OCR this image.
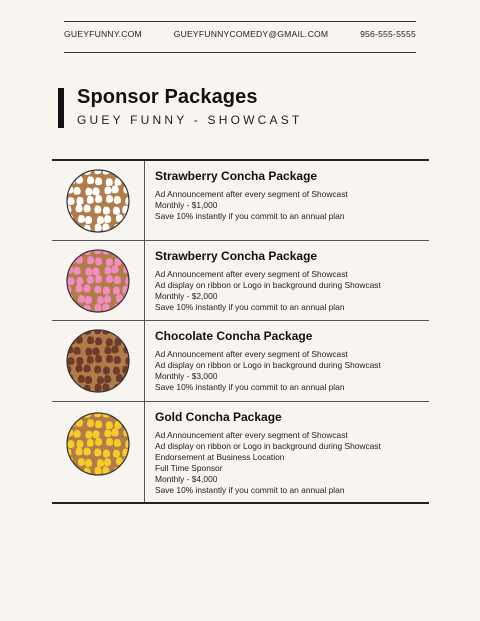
GUEYFUNNY.COM	GUEYFUNNYCOMEDY@GMAIL.COM	956-555-5555
Sponsor Packages
GUEY FUNNY - SHOWCAST
Strawberry Concha Package
Ad Announcement after every segment of Showcast
Monthly - $1,000
Save 10% instantly if you commit to an annual plan
Strawberry Concha Package
Ad Announcement after every segment of Showcast
Ad display on ribbon or Logo in background during Showcast
Monthly - $2,000
Save 10% instantly if you commit to an annual plan
Chocolate Concha Package
Ad Announcement after every segment of Showcast
Ad display on ribbon or Logo in background during Showcast
Monthly - $3,000
Save 10% instantly if you commit to an annual plan
Gold Concha Package
Ad Announcement after every segment of Showcast
Ad display on ribbon or Logo in background during Showcast
Endorsement at Business Location
Full Time Sponsor
Monthly - $4,000
Save 10% instantly if you commit to an annual plan
